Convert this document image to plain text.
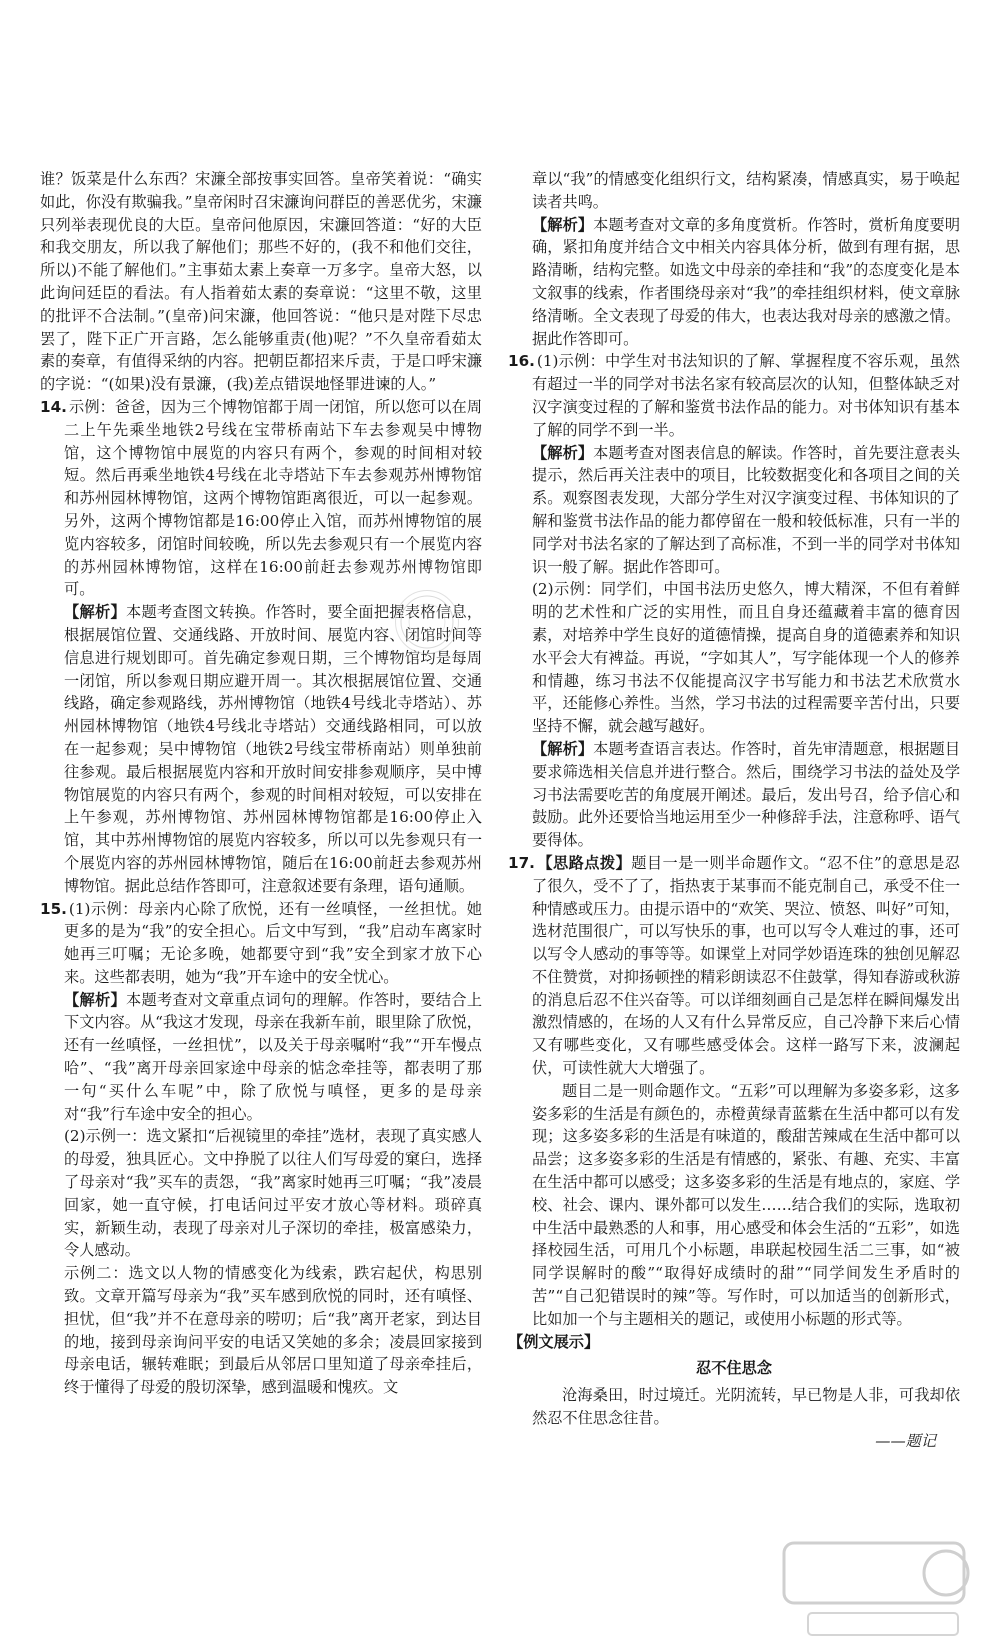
谁？饭菜是什么东西？宋濂全部按事实回答。皇帝笑着说：“确实如此，你没有欺骗我。”皇帝闲时召宋濂询问群臣的善恶优劣，宋濂只列举表现优良的大臣。皇帝问他原因，宋濂回答道：“好的大臣和我交朋友，所以我了解他们；那些不好的，(我不和他们交往，所以)不能了解他们。”主事茹太素上奏章一万多字。皇帝大怒，以此询问廷臣的看法。有人指着茹太素的奏章说：“这里不敬，这里的批评不合法制。”(皇帝)问宋濂，他回答说：“他只是对陛下尽忠罢了，陛下正广开言路，怎么能够重责(他)呢？”不久皇帝看茹太素的奏章，有值得采纳的内容。把朝臣都招来斥责，于是口呼宋濂的字说：“(如果)没有景濂，(我)差点错误地怪罪进谏的人。”

14. 示例：爸爸，因为三个博物馆都于周一闭馆，所以您可以在周二上午先乘坐地铁2号线在宝带桥南站下车去参观吴中博物馆，这个博物馆中展览的内容只有两个，参观的时间相对较短。然后再乘坐地铁4号线在北寺塔站下车去参观苏州博物馆和苏州园林博物馆，这两个博物馆距离很近，可以一起参观。另外，这两个博物馆都是16:00停止入馆，而苏州博物馆的展览内容较多，闭馆时间较晚，所以先去参观只有一个展览内容的苏州园林博物馆，这样在16:00前赶去参观苏州博物馆即可。

【解析】本题考查图文转换。作答时，要全面把握表格信息，根据展馆位置、交通线路、开放时间、展览内容、闭馆时间等信息进行规划即可。首先确定参观日期，三个博物馆均是每周一闭馆，所以参观日期应避开周一。其次根据展馆位置、交通线路，确定参观路线，苏州博物馆（地铁4号线北寺塔站）、苏州园林博物馆（地铁4号线北寺塔站）交通线路相同，可以放在一起参观；吴中博物馆（地铁2号线宝带桥南站）则单独前往参观。最后根据展览内容和开放时间安排参观顺序，吴中博物馆展览的内容只有两个，参观的时间相对较短，可以安排在上午参观，苏州博物馆、苏州园林博物馆都是16:00停止入馆，其中苏州博物馆的展览内容较多，所以可以先参观只有一个展览内容的苏州园林博物馆，随后在16:00前赶去参观苏州博物馆。据此总结作答即可，注意叙述要有条理，语句通顺。

15. (1)示例：母亲内心除了欣悦，还有一丝嗔怪，一丝担忧。她更多的是为“我”的安全担心。后文中写到，“我”启动车离家时她再三叮嘱；无论多晚，她都要守到“我”安全到家才放下心来。这些都表明，她为“我”开车途中的安全忧心。

【解析】本题考查对文章重点词句的理解。作答时，要结合上下文内容。从“我这才发现，母亲在我新车前，眼里除了欣悦，还有一丝嗔怪，一丝担忧”，以及关于母亲嘱咐“我”“开车慢点哈”、“我”离开母亲回家途中母亲的惦念牵挂等，都表明了那一句“买什么车呢”中，除了欣悦与嗔怪，更多的是母亲对“我”行车途中安全的担心。

(2)示例一：选文紧扣“后视镜里的牵挂”选材，表现了真实感人的母爱，独具匠心。文中挣脱了以往人们写母爱的窠臼，选择了母亲对“我”买车的责怨，“我”离家时她再三叮嘱；“我”凌晨回家，她一直守候，打电话问过平安才放心等材料。琐碎真实，新颖生动，表现了母亲对儿子深切的牵挂，极富感染力，令人感动。

示例二：选文以人物的情感变化为线索，跌宕起伏，构思别致。文章开篇写母亲为“我”买车感到欣悦的同时，还有嗔怪、担忧，但“我”并不在意母亲的唠叨；后“我”离开老家，到达目的地，接到母亲询问平安的电话又笑她的多余；凌晨回家接到母亲电话，辗转难眠；到最后从邻居口里知道了母亲牵挂后，终于懂得了母爱的殷切深挚，感到温暖和愧疚。文

章以“我”的情感变化组织行文，结构紧凑，情感真实，易于唤起读者共鸣。

【解析】本题考查对文章的多角度赏析。作答时，赏析角度要明确，紧扣角度并结合文中相关内容具体分析，做到有理有据，思路清晰，结构完整。如选文中母亲的牵挂和“我”的态度变化是本文叙事的线索，作者围绕母亲对“我”的牵挂组织材料，使文章脉络清晰。全文表现了母爱的伟大，也表达我对母亲的感激之情。据此作答即可。

16. (1)示例：中学生对书法知识的了解、掌握程度不容乐观，虽然有超过一半的同学对书法名家有较高层次的认知，但整体缺乏对汉字演变过程的了解和鉴赏书法作品的能力。对书体知识有基本了解的同学不到一半。

【解析】本题考查对图表信息的解读。作答时，首先要注意表头提示，然后再关注表中的项目，比较数据变化和各项目之间的关系。观察图表发现，大部分学生对汉字演变过程、书体知识的了解和鉴赏书法作品的能力都停留在一般和较低标准，只有一半的同学对书法名家的了解达到了高标准，不到一半的同学对书体知识一般了解。据此作答即可。

(2)示例：同学们，中国书法历史悠久，博大精深，不但有着鲜明的艺术性和广泛的实用性，而且自身还蕴藏着丰富的德育因素，对培养中学生良好的道德情操，提高自身的道德素养和知识水平会大有裨益。再说，“字如其人”，写字能体现一个人的修养和情趣，练习书法不仅能提高汉字书写能力和书法艺术欣赏水平，还能修心养性。当然，学习书法的过程需要辛苦付出，只要坚持不懈，就会越写越好。

【解析】本题考查语言表达。作答时，首先审清题意，根据题目要求筛选相关信息并进行整合。然后，围绕学习书法的益处及学习书法需要吃苦的角度展开阐述。最后，发出号召，给予信心和鼓励。此外还要恰当地运用至少一种修辞手法，注意称呼、语气要得体。

17. 【思路点拨】题目一是一则半命题作文。“忍不住”的意思是忍了很久，受不了了，指热衷于某事而不能克制自己，承受不住一种情感或压力。由提示语中的“欢笑、哭泣、愤怒、叫好”可知，选材范围很广，可以写快乐的事，也可以写令人难过的事，还可以写令人感动的事等等。如课堂上对同学妙语连珠的独创见解忍不住赞赏，对抑扬顿挫的精彩朗读忍不住鼓掌，得知春游或秋游的消息后忍不住兴奋等。可以详细刻画自己是怎样在瞬间爆发出激烈情感的，在场的人又有什么异常反应，自己冷静下来后心情又有哪些变化，又有哪些感受体会。这样一路写下来，波澜起伏，可读性就大大增强了。

题目二是一则命题作文。“五彩”可以理解为多姿多彩，这多姿多彩的生活是有颜色的，赤橙黄绿青蓝紫在生活中都可以有发现；这多姿多彩的生活是有味道的，酸甜苦辣咸在生活中都可以品尝；这多姿多彩的生活是有情感的，紧张、有趣、充实、丰富在生活中都可以感受；这多姿多彩的生活是有地点的，家庭、学校、社会、课内、课外都可以发生……结合我们的实际，选取初中生活中最熟悉的人和事，用心感受和体会生活的“五彩”，如选择校园生活，可用几个小标题，串联起校园生活二三事，如“被同学误解时的酸”“取得好成绩时的甜”“同学间发生矛盾时的苦”“自己犯错误时的辣”等。写作时，可以加适当的创新形式，比如加一个与主题相关的题记，或使用小标题的形式等。

【例文展示】

忍不住思念

沧海桑田，时过境迁。光阴流转，早已物是人非，可我却依然忍不住思念往昔。

——题记
